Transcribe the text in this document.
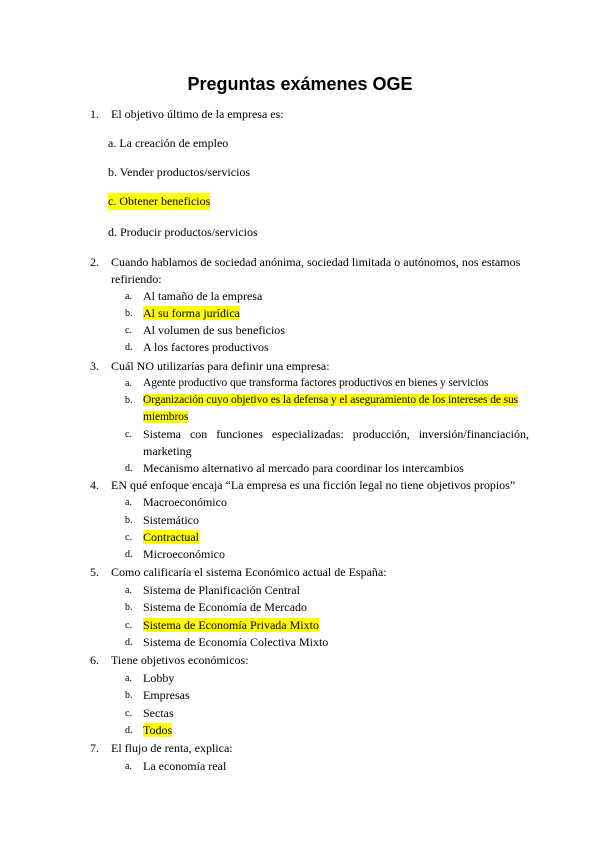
Preguntas exámenes OGE
1.	El objetivo último de la empresa es:
a. La creación de empleo
b. Vender productos/servicios
c. Obtener beneficios
d. Producir productos/servicios
2.	Cuando hablamos de sociedad anónima, sociedad limitada o autónomos, nos estamos refiriendo:
a. Al tamaño de la empresa
b. Al su forma jurídica
c. Al volumen de sus beneficios
d. A los factores productivos
3.	Cuál NO utilizarías para definir una empresa:
a. Agente productivo que transforma factores productivos en bienes y servicios
b. Organización cuyo objetivo es la defensa y el aseguramiento de los intereses de sus miembros
c. Sistema con funciones especializadas: producción, inversión/financiación, marketing
d. Mecanismo alternativo al mercado para coordinar los intercambios
4.	EN qué enfoque encaja “La empresa es una ficción legal no tiene objetivos propios”
a. Macroeconómico
b. Sistemático
c. Contractual
d. Microeconómico
5.	Como calificaría el sistema Económico actual de España:
a. Sistema de Planificación Central
b. Sistema de Economía de Mercado
c. Sistema de Economía Privada Mixto
d. Sistema de Economía Colectiva Mixto
6.	Tiene objetivos económicos:
a. Lobby
b. Empresas
c. Sectas
d. Todos
7.	El flujo de renta, explica:
a. La economía real
